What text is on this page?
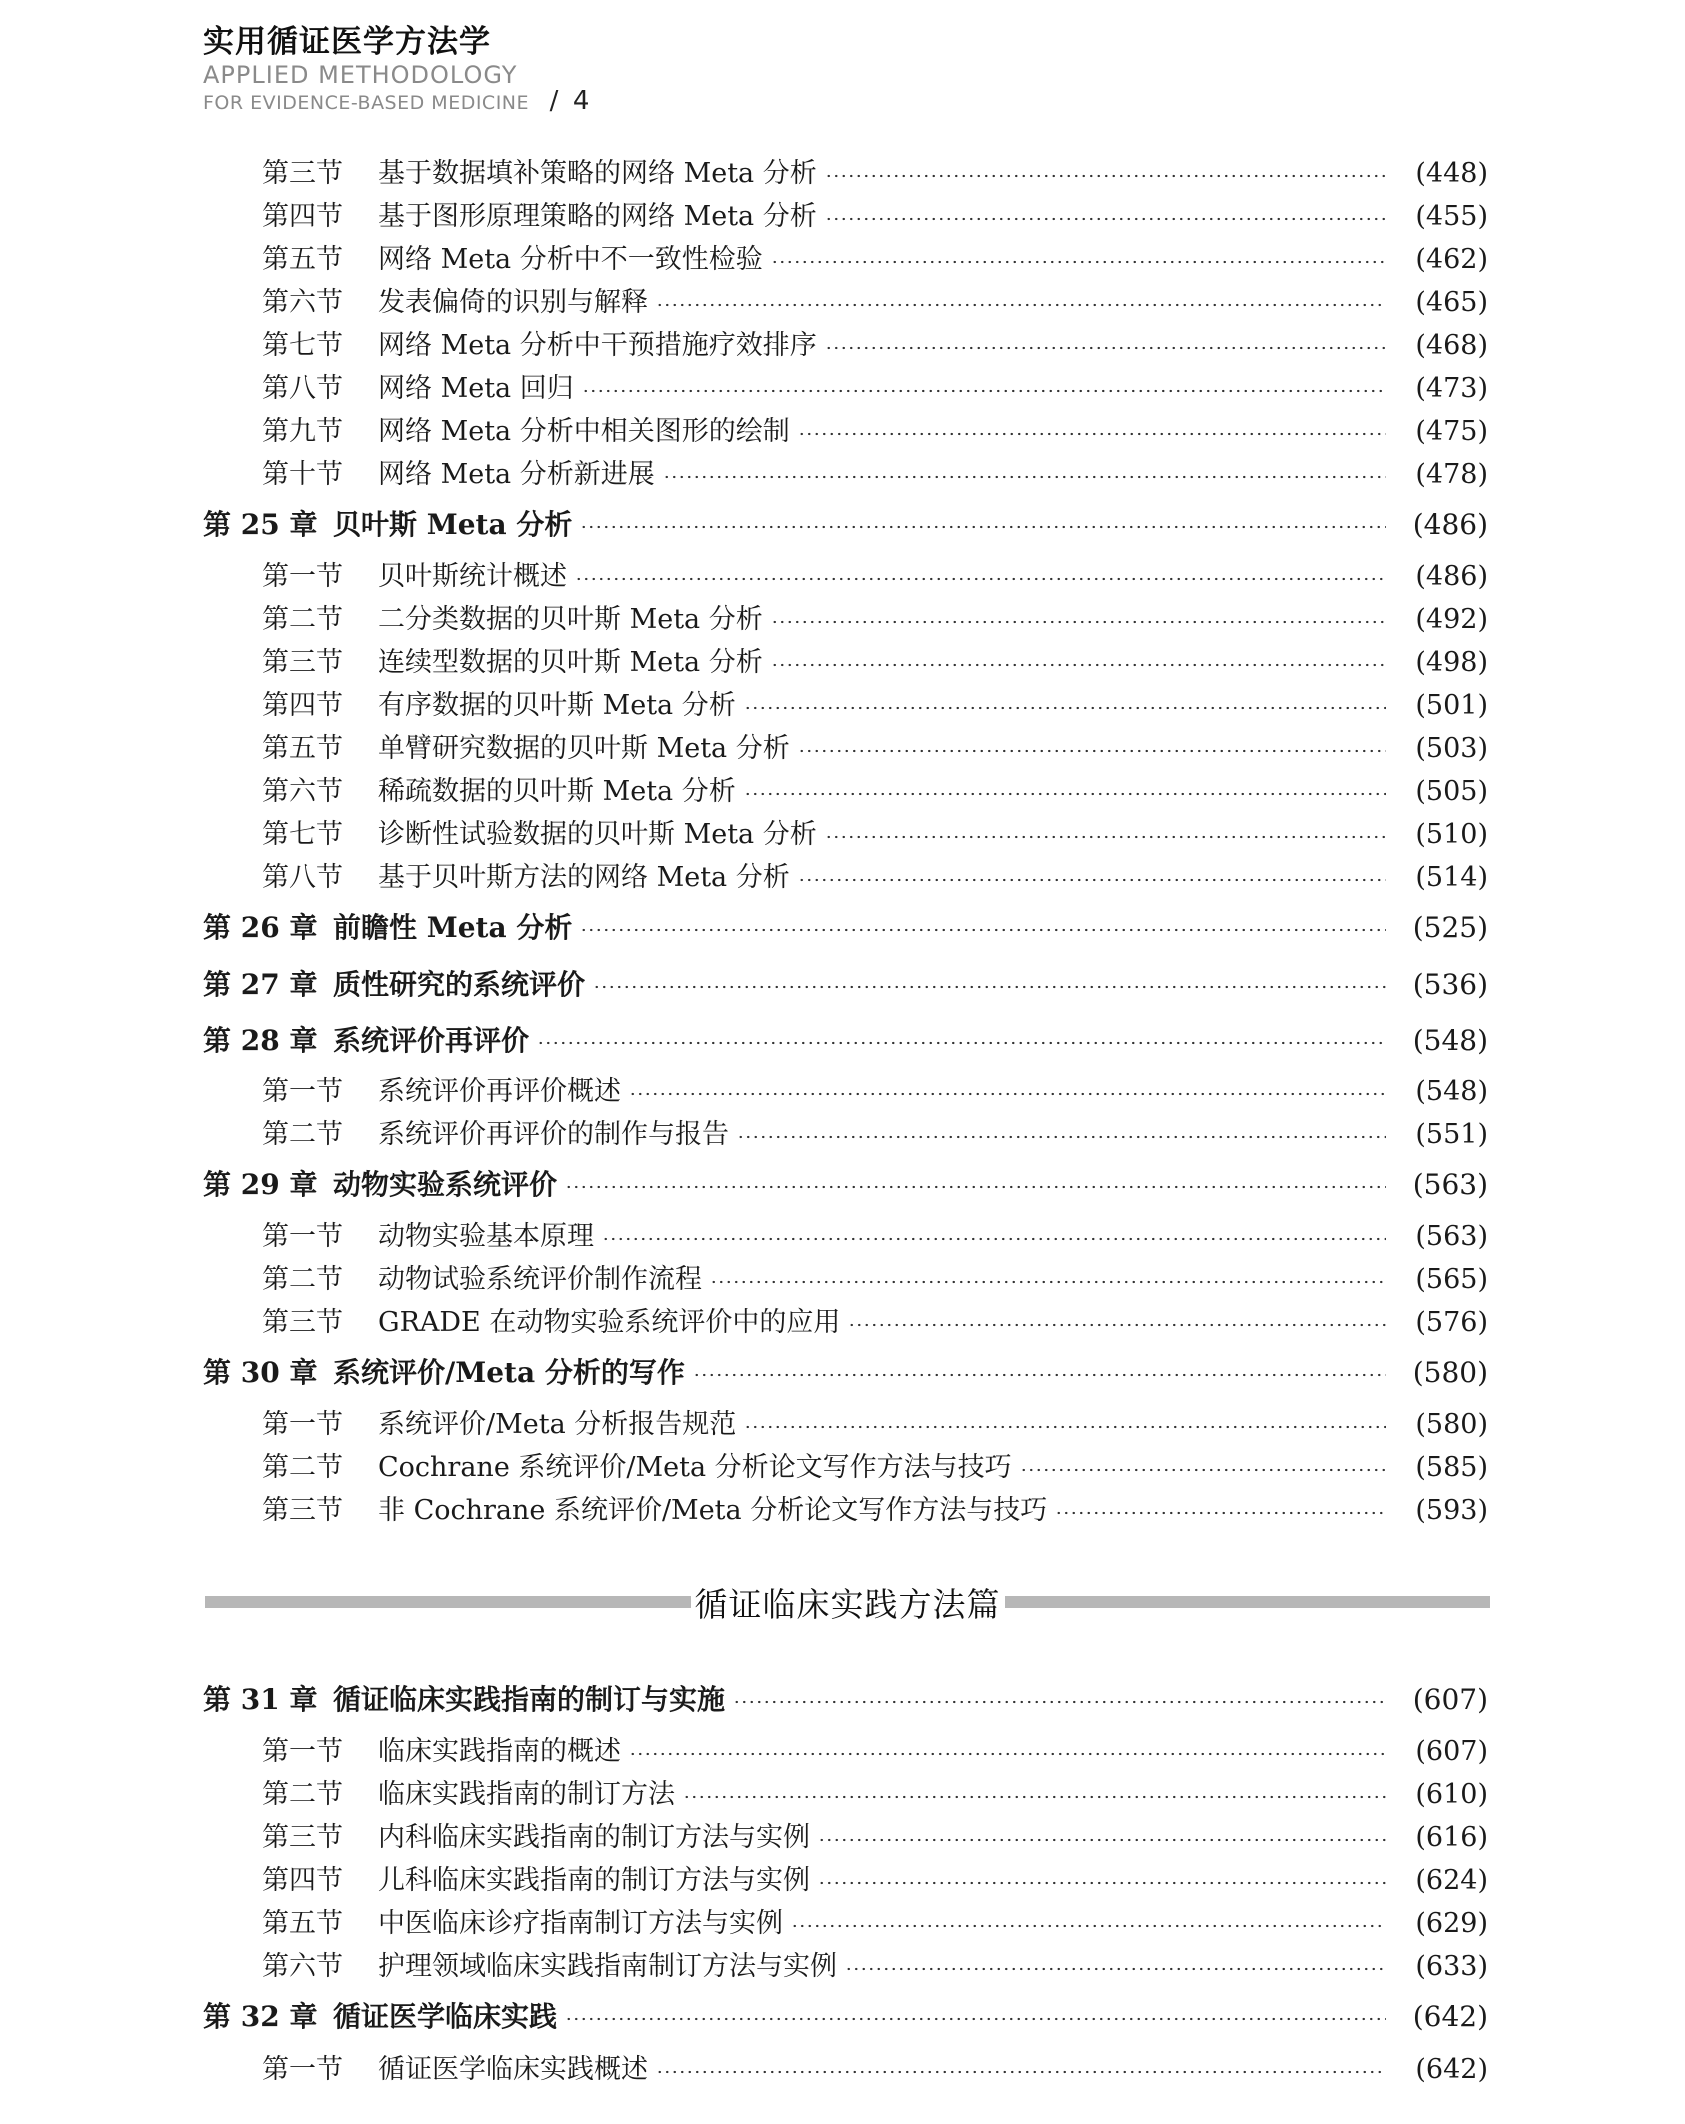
实用循证医学方法学
APPLIED METHODOLOGY
FOR EVIDENCE-BASED MEDICINE / 4
第三节	基于数据填补策略的网络 Meta 分析	(448)
第四节	基于图形原理策略的网络 Meta 分析	(455)
第五节	网络 Meta 分析中不一致性检验	(462)
第六节	发表偏倚的识别与解释	(465)
第七节	网络 Meta 分析中干预措施疗效排序	(468)
第八节	网络 Meta 回归	(473)
第九节	网络 Meta 分析中相关图形的绘制	(475)
第十节	网络 Meta 分析新进展	(478)
第 25 章 贝叶斯 Meta 分析	(486)
第一节	贝叶斯统计概述	(486)
第二节	二分类数据的贝叶斯 Meta 分析	(492)
第三节	连续型数据的贝叶斯 Meta 分析	(498)
第四节	有序数据的贝叶斯 Meta 分析	(501)
第五节	单臂研究数据的贝叶斯 Meta 分析	(503)
第六节	稀疏数据的贝叶斯 Meta 分析	(505)
第七节	诊断性试验数据的贝叶斯 Meta 分析	(510)
第八节	基于贝叶斯方法的网络 Meta 分析	(514)
第 26 章 前瞻性 Meta 分析	(525)
第 27 章 质性研究的系统评价	(536)
第 28 章 系统评价再评价	(548)
第一节	系统评价再评价概述	(548)
第二节	系统评价再评价的制作与报告	(551)
第 29 章 动物实验系统评价	(563)
第一节	动物实验基本原理	(563)
第二节	动物试验系统评价制作流程	(565)
第三节	GRADE 在动物实验系统评价中的应用	(576)
第 30 章 系统评价/Meta 分析的写作	(580)
第一节	系统评价/Meta 分析报告规范	(580)
第二节	Cochrane 系统评价/Meta 分析论文写作方法与技巧	(585)
第三节	非 Cochrane 系统评价/Meta 分析论文写作方法与技巧	(593)
第 31 章 循证临床实践指南的制订与实施	(607)
第一节	临床实践指南的概述	(607)
第二节	临床实践指南的制订方法	(610)
第三节	内科临床实践指南的制订方法与实例	(616)
第四节	儿科临床实践指南的制订方法与实例	(624)
第五节	中医临床诊疗指南制订方法与实例	(629)
第六节	护理领域临床实践指南制订方法与实例	(633)
第 32 章 循证医学临床实践	(642)
第一节	循证医学临床实践概述	(642)
循证临床实践方法篇
